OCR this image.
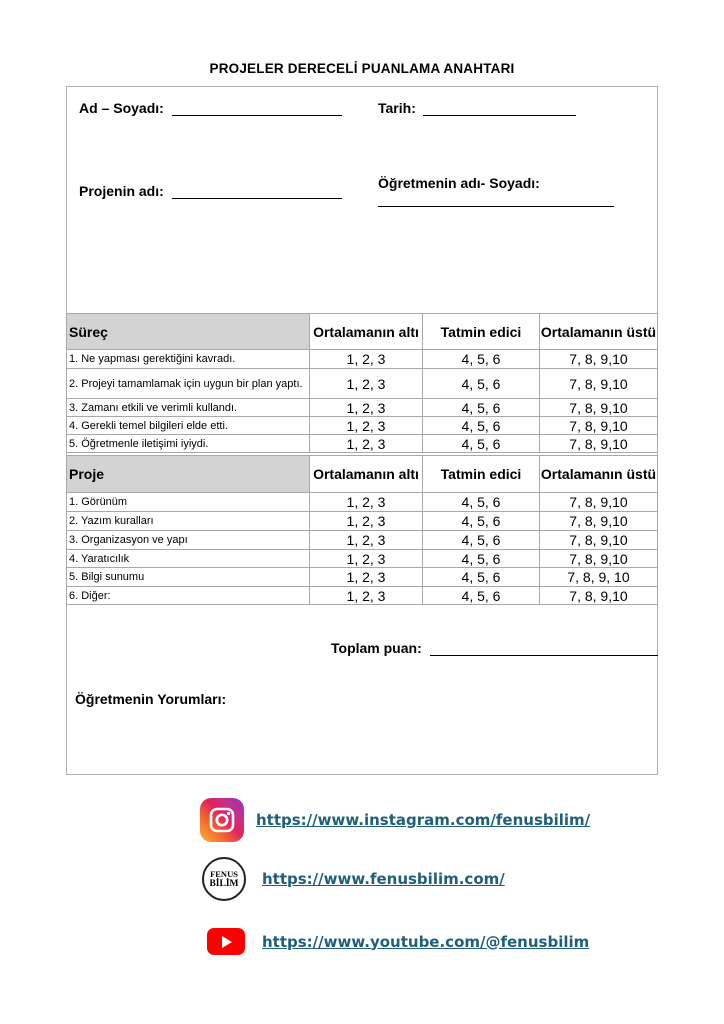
PROJELER DERECELİ PUANLAMA ANAHTARI
Ad – Soyadı:	Tarih:
Projenin adı:	Öğretmenin adı- Soyadı:
Süreç	Ortalamanın altı	Tatmin edici	Ortalamanın üstü
1. Ne yapması gerektiğini kavradı.	1, 2, 3	4, 5, 6	7, 8, 9,10
2. Projeyi tamamlamak için uygun bir plan yaptı.	1, 2, 3	4, 5, 6	7, 8, 9,10
3. Zamanı etkili ve verimli kullandı.	1, 2, 3	4, 5, 6	7, 8, 9,10
4. Gerekli temel bilgileri elde etti.	1, 2, 3	4, 5, 6	7, 8, 9,10
5. Öğretmenle iletişimi iyiydi.	1, 2, 3	4, 5, 6	7, 8, 9,10
Proje	Ortalamanın altı	Tatmin edici	Ortalamanın üstü
1. Görünüm	1, 2, 3	4, 5, 6	7, 8, 9,10
2. Yazım kuralları	1, 2, 3	4, 5, 6	7, 8, 9,10
3. Organizasyon ve yapı	1, 2, 3	4, 5, 6	7, 8, 9,10
4. Yaratıcılık	1, 2, 3	4, 5, 6	7, 8, 9,10
5. Bilgi sunumu	1, 2, 3	4, 5, 6	7, 8, 9, 10
6. Diğer:	1, 2, 3	4, 5, 6	7, 8, 9,10
Toplam puan:
Öğretmenin Yorumları:
https://www.instagram.com/fenusbilim/
FENUS
BİLİM https://www.fenusbilim.com/
https://www.youtube.com/@fenusbilim
